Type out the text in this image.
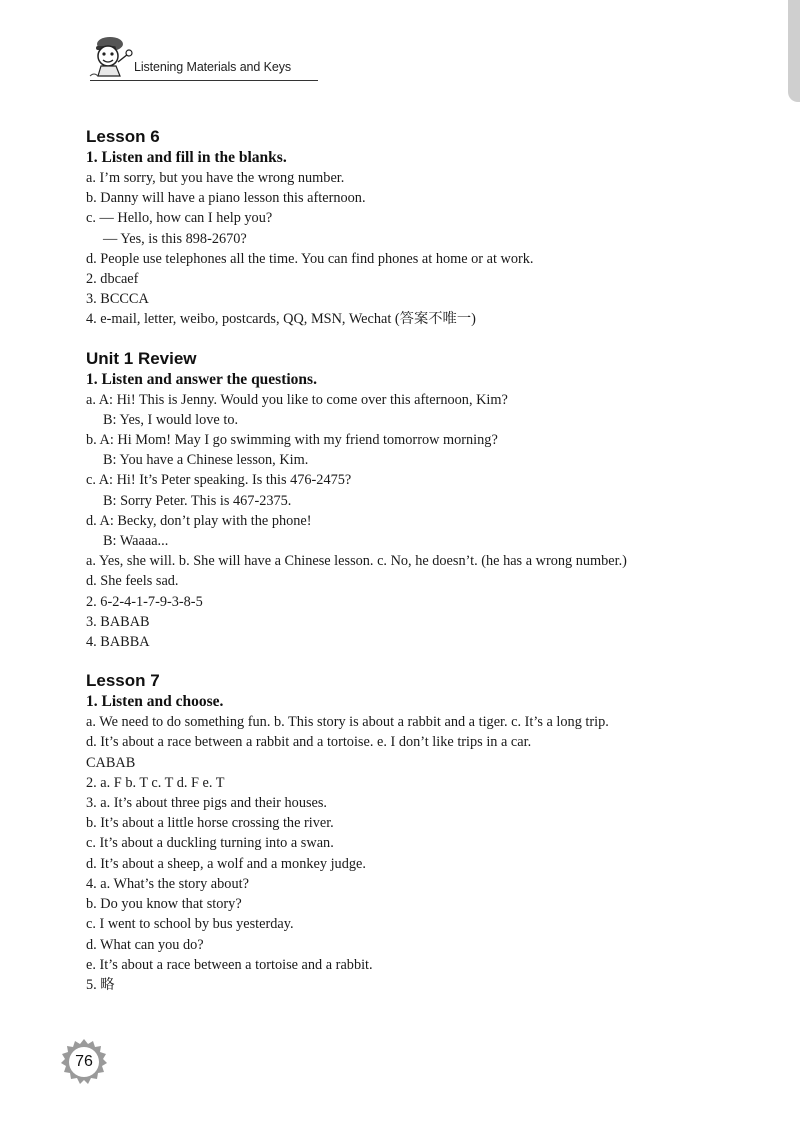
Listening Materials and Keys
Lesson 6
1. Listen and fill in the blanks.

a. I’m sorry, but you have the wrong number.

b. Danny will have a piano lesson this afternoon.

c. — Hello, how can I help you?

— Yes, is this 898-2670?

d. People use telephones all the time. You can find phones at home or at work.

2. dbcaef

3. BCCCA

4. e-mail, letter, weibo, postcards, QQ, MSN, Wechat (答案不唯一)

Unit 1 Review
1. Listen and answer the questions.

a. A: Hi! This is Jenny. Would you like to come over this afternoon, Kim?

B: Yes, I would love to.

b. A: Hi Mom! May I go swimming with my friend tomorrow morning?

B: You have a Chinese lesson, Kim.

c. A: Hi! It’s Peter speaking. Is this 476-2475?

B: Sorry Peter. This is 467-2375.

d. A: Becky, don’t play with the phone!

B: Waaaa...

a. Yes, she will. b. She will have a Chinese lesson. c. No, he doesn’t. (he has a wrong number.)

d. She feels sad.

2. 6-2-4-1-7-9-3-8-5

3. BABAB

4. BABBA

Lesson 7
1. Listen and choose.

a. We need to do something fun. b. This story is about a rabbit and a tiger. c. It’s a long trip.

d. It’s about a race between a rabbit and a tortoise. e. I don’t like trips in a car.

CABAB

2. a. F b. T c. T d. F e. T

3. a. It’s about three pigs and their houses.

b. It’s about a little horse crossing the river.

c. It’s about a duckling turning into a swan.

d. It’s about a sheep, a wolf and a monkey judge.

4. a. What’s the story about?

b. Do you know that story?

c. I went to school by bus yesterday.

d. What can you do?

e. It’s about a race between a tortoise and a rabbit.

5. 略

76
